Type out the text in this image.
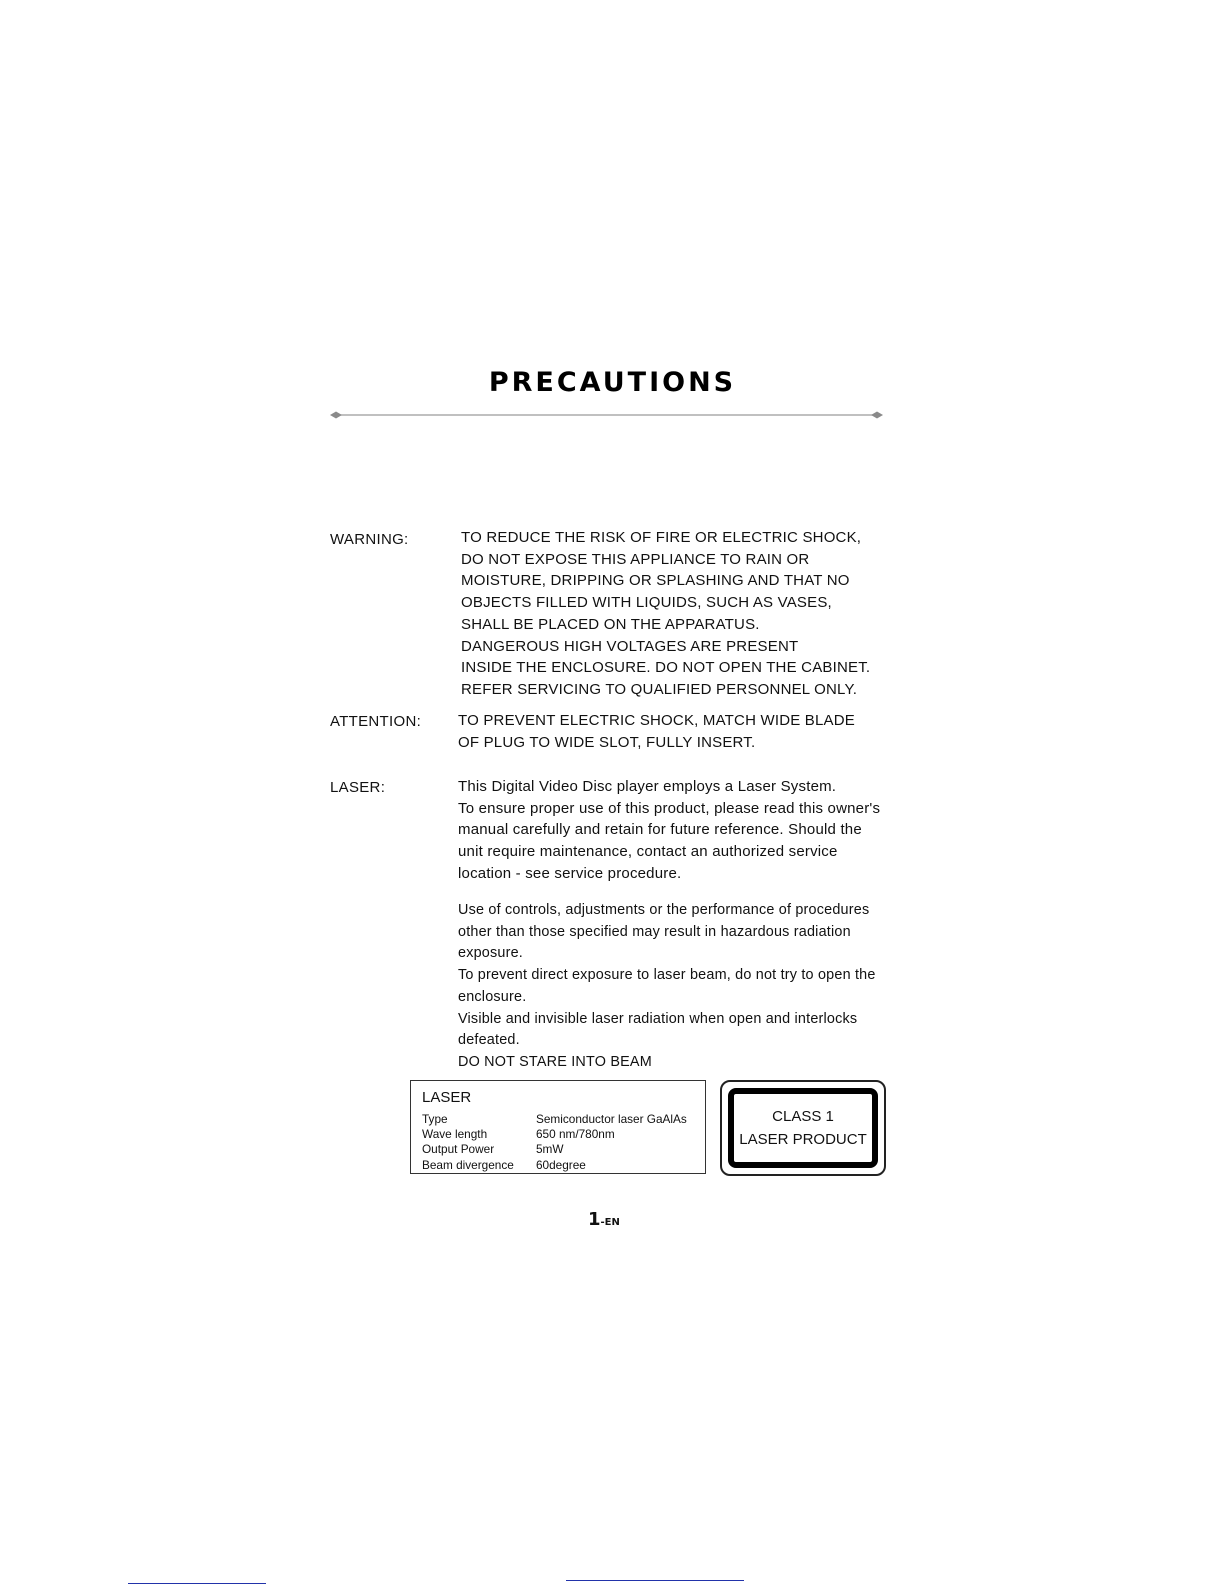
PRECAUTIONS
WARNING:	TO REDUCE THE RISK OF FIRE OR ELECTRIC SHOCK,
DO NOT EXPOSE THIS APPLIANCE TO RAIN OR
MOISTURE, DRIPPING OR SPLASHING AND THAT NO
OBJECTS FILLED WITH LIQUIDS, SUCH AS VASES,
SHALL BE PLACED ON THE APPARATUS.
DANGEROUS HIGH VOLTAGES ARE PRESENT
INSIDE THE ENCLOSURE. DO NOT OPEN THE CABINET.
REFER SERVICING TO QUALIFIED PERSONNEL ONLY.
ATTENTION: TO PREVENT ELECTRIC SHOCK, MATCH WIDE BLADE
OF PLUG TO WIDE SLOT, FULLY INSERT.
LASER:	This Digital Video Disc player employs a Laser System.
To ensure proper use of this product, please read this owner's
manual carefully and retain for future reference. Should the
unit require maintenance, contact an authorized service
location - see service procedure.
Use of controls, adjustments or the performance of procedures
other than those specified may result in hazardous radiation
exposure.
To prevent direct exposure to laser beam, do not try to open the
enclosure.
Visible and invisible laser radiation when open and interlocks
defeated.
DO NOT STARE INTO BEAM
LASER
Type	Semiconductor laser GaAlAs
Wave length	650 nm/780nm
Output Power	5mW
Beam divergence	60degree
CLASS 1
LASER PRODUCT
1-EN
